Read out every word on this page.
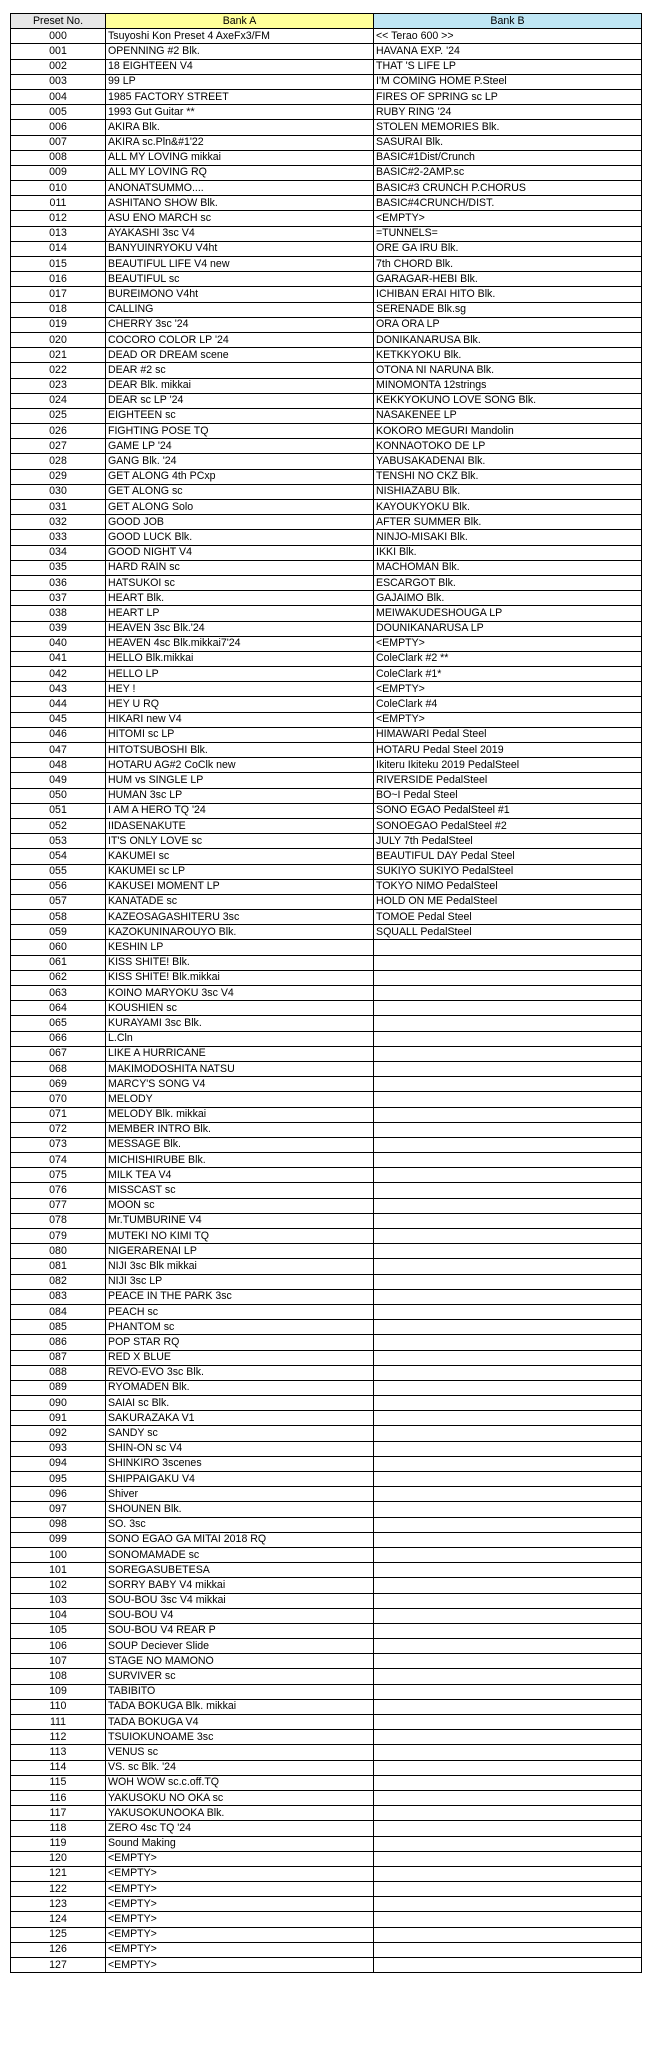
Preset No.	Bank A	Bank B
000	Tsuyoshi Kon Preset 4 AxeFx3/FM	<< Terao 600 >>
001	OPENNING #2 Blk.	HAVANA EXP. '24
002	18 EIGHTEEN V4	THAT 'S LIFE LP
003	99 LP	I'M COMING HOME P.Steel
004	1985 FACTORY STREET	FIRES OF SPRING sc LP
005	1993 Gut Guitar **	RUBY RING '24
006	AKIRA Blk.	STOLEN MEMORIES Blk.
007	AKIRA sc.Pln&#1'22	SASURAI Blk.
008	ALL MY LOVING mikkai	BASIC#1Dist/Crunch
009	ALL MY LOVING RQ	BASIC#2-2AMP.sc
010	ANONATSUMMO....	BASIC#3 CRUNCH P.CHORUS
011	ASHITANO SHOW Blk.	BASIC#4CRUNCH/DIST.
012	ASU ENO MARCH sc	<EMPTY>
013	AYAKASHI 3sc V4	=TUNNELS=
014	BANYUINRYOKU V4ht	ORE GA IRU Blk.
015	BEAUTIFUL LIFE V4 new	7th CHORD Blk.
016	BEAUTIFUL sc	GARAGAR-HEBI Blk.
017	BUREIMONO V4ht	ICHIBAN ERAI HITO Blk.
018	CALLING	SERENADE Blk.sg
019	CHERRY 3sc '24	ORA ORA LP
020	COCORO COLOR LP '24	DONIKANARUSA Blk.
021	DEAD OR DREAM scene	KETKKYOKU Blk.
022	DEAR #2 sc	OTONA NI NARUNA Blk.
023	DEAR Blk. mikkai	MINOMONTA 12strings
024	DEAR sc LP '24	KEKKYOKUNO LOVE SONG Blk.
025	EIGHTEEN sc	NASAKENEE LP
026	FIGHTING POSE TQ	KOKORO MEGURI Mandolin
027	GAME LP '24	KONNAOTOKO DE LP
028	GANG Blk. '24	YABUSAKADENAI Blk.
029	GET ALONG 4th PCxp	TENSHI NO CKZ Blk.
030	GET ALONG sc	NISHIAZABU Blk.
031	GET ALONG Solo	KAYOUKYOKU Blk.
032	GOOD JOB	AFTER SUMMER Blk.
033	GOOD LUCK Blk.	NINJO-MISAKI Blk.
034	GOOD NIGHT V4	IKKI Blk.
035	HARD RAIN sc	MACHOMAN Blk.
036	HATSUKOI sc	ESCARGOT Blk.
037	HEART Blk.	GAJAIMO Blk.
038	HEART LP	MEIWAKUDESHOUGA LP
039	HEAVEN 3sc Blk.'24	DOUNIKANARUSA LP
040	HEAVEN 4sc Blk.mikkai7'24	<EMPTY>
041	HELLO Blk.mikkai	ColeClark #2 **
042	HELLO LP	ColeClark #1*
043	HEY !	<EMPTY>
044	HEY U RQ	ColeClark #4
045	HIKARI new V4	<EMPTY>
046	HITOMI sc LP	HIMAWARI Pedal Steel
047	HITOTSUBOSHI Blk.	HOTARU Pedal Steel 2019
048	HOTARU AG#2 CoClk new	Ikiteru Ikiteku 2019 PedalSteel
049	HUM vs SINGLE LP	RIVERSIDE PedalSteel
050	HUMAN 3sc LP	BO~I Pedal Steel
051	I AM A HERO TQ '24	SONO EGAO PedalSteel #1
052	IIDASENAKUTE	SONOEGAO PedalSteel #2
053	IT'S ONLY LOVE sc	JULY 7th PedalSteel
054	KAKUMEI sc	BEAUTIFUL DAY Pedal Steel
055	KAKUMEI sc LP	SUKIYO SUKIYO PedalSteel
056	KAKUSEI MOMENT LP	TOKYO NIMO PedalSteel
057	KANATADE sc	HOLD ON ME PedalSteel
058	KAZEOSAGASHITERU 3sc	TOMOE Pedal Steel
059	KAZOKUNINAROUYO Blk.	SQUALL PedalSteel
060	KESHIN LP	
061	KISS SHITE! Blk.	
062	KISS SHITE! Blk.mikkai	
063	KOINO MARYOKU 3sc V4	
064	KOUSHIEN sc	
065	KURAYAMI 3sc Blk.	
066	L.Cln	
067	LIKE A HURRICANE	
068	MAKIMODOSHITA NATSU	
069	MARCY'S SONG V4	
070	MELODY	
071	MELODY Blk. mikkai	
072	MEMBER INTRO Blk.	
073	MESSAGE Blk.	
074	MICHISHIRUBE Blk.	
075	MILK TEA V4	
076	MISSCAST sc	
077	MOON sc	
078	Mr.TUMBURINE V4	
079	MUTEKI NO KIMI TQ	
080	NIGERARENAI LP	
081	NIJI 3sc Blk mikkai	
082	NIJI 3sc LP	
083	PEACE IN THE PARK 3sc	
084	PEACH sc	
085	PHANTOM sc	
086	POP STAR RQ	
087	RED X BLUE	
088	REVO-EVO 3sc Blk.	
089	RYOMADEN Blk.	
090	SAIAI sc Blk.	
091	SAKURAZAKA V1	
092	SANDY sc	
093	SHIN-ON sc V4	
094	SHINKIRO 3scenes	
095	SHIPPAIGAKU V4	
096	Shiver	
097	SHOUNEN Blk.	
098	SO. 3sc	
099	SONO EGAO GA MITAI 2018 RQ	
100	SONOMAMADE sc	
101	SOREGASUBETESA	
102	SORRY BABY V4 mikkai	
103	SOU-BOU 3sc V4 mikkai	
104	SOU-BOU V4	
105	SOU-BOU V4 REAR P	
106	SOUP Deciever Slide	
107	STAGE NO MAMONO	
108	SURVIVER sc	
109	TABIBITO	
110	TADA BOKUGA Blk. mikkai	
111	TADA BOKUGA V4	
112	TSUIOKUNOAME 3sc	
113	VENUS sc	
114	VS. sc Blk. '24	
115	WOH WOW sc.c.off.TQ	
116	YAKUSOKU NO OKA sc	
117	YAKUSOKUNOOKA Blk.	
118	ZERO 4sc TQ '24	
119	Sound Making	
120	<EMPTY>	
121	<EMPTY>	
122	<EMPTY>	
123	<EMPTY>	
124	<EMPTY>	
125	<EMPTY>	
126	<EMPTY>	
127	<EMPTY>	
